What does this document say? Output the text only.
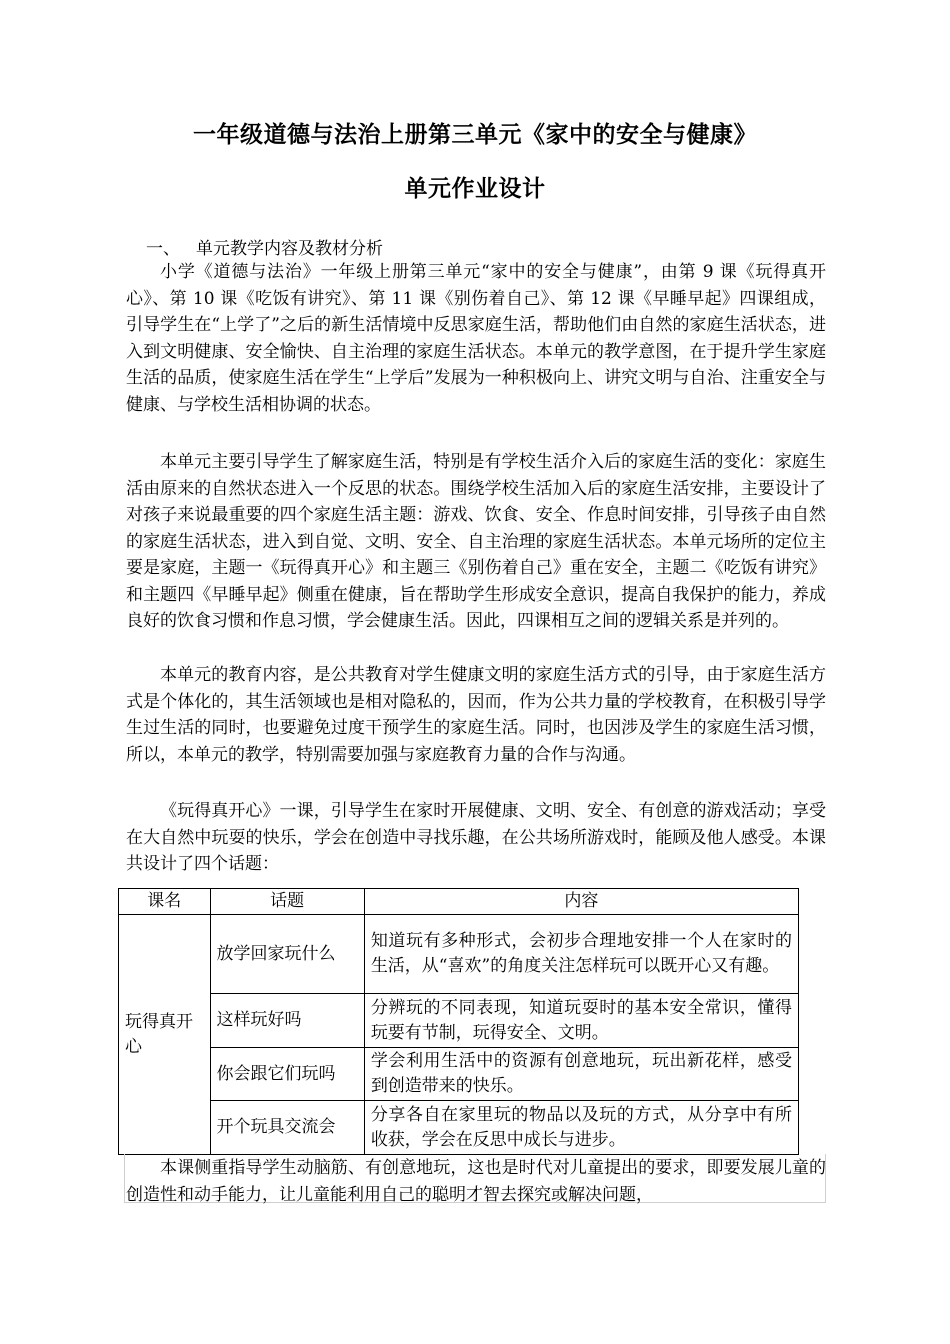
一年级道德与法治上册第三单元《家中的安全与健康》
单元作业设计
一、 单元教学内容及教材分析

小学《道德与法治》一年级上册第三单元“家中的安全与健康”，由第 9 课《玩得真开心》、第 10 课《吃饭有讲究》、第 11 课《别伤着自己》、第 12 课《早睡早起》四课组成，引导学生在“上学了”之后的新生活情境中反思家庭生活，帮助他们由自然的家庭生活状态，进入到文明健康、安全愉快、自主治理的家庭生活状态。本单元的教学意图，在于提升学生家庭生活的品质，使家庭生活在学生“上学后”发展为一种积极向上、讲究文明与自治、注重安全与健康、与学校生活相协调的状态。

本单元主要引导学生了解家庭生活，特别是有学校生活介入后的家庭生活的变化：家庭生活由原来的自然状态进入一个反思的状态。围绕学校生活加入后的家庭生活安排，主要设计了对孩子来说最重要的四个家庭生活主题：游戏、饮食、安全、作息时间安排，引导孩子由自然的家庭生活状态，进入到自觉、文明、安全、自主治理的家庭生活状态。本单元场所的定位主要是家庭，主题一《玩得真开心》和主题三《别伤着自己》重在安全，主题二《吃饭有讲究》和主题四《早睡早起》侧重在健康，旨在帮助学生形成安全意识，提高自我保护的能力，养成良好的饮食习惯和作息习惯，学会健康生活。因此，四课相互之间的逻辑关系是并列的。

本单元的教育内容，是公共教育对学生健康文明的家庭生活方式的引导，由于家庭生活方式是个体化的，其生活领域也是相对隐私的，因而，作为公共力量的学校教育，在积极引导学生过生活的同时，也要避免过度干预学生的家庭生活。同时，也因涉及学生的家庭生活习惯，所以，本单元的教学，特别需要加强与家庭教育力量的合作与沟通。

《玩得真开心》一课，引导学生在家时开展健康、文明、安全、有创意的游戏活动；享受在大自然中玩耍的快乐，学会在创造中寻找乐趣，在公共场所游戏时，能顾及他人感受。本课共设计了四个话题：

课名	话题	内容
玩得真开心	放学回家玩什么	知道玩有多种形式，会初步合理地安排一个人在家时的生活，从“喜欢”的角度关注怎样玩可以既开心又有趣。
	这样玩好吗	分辨玩的不同表现，知道玩耍时的基本安全常识，懂得玩要有节制，玩得安全、文明。
	你会跟它们玩吗	学会利用生活中的资源有创意地玩，玩出新花样，感受到创造带来的快乐。
	开个玩具交流会	分享各自在家里玩的物品以及玩的方式，从分享中有所收获，学会在反思中成长与进步。

本课侧重指导学生动脑筋、有创意地玩，这也是时代对儿童提出的要求，即要发展儿童的创造性和动手能力，让儿童能利用自己的聪明才智去探究或解决问题，
